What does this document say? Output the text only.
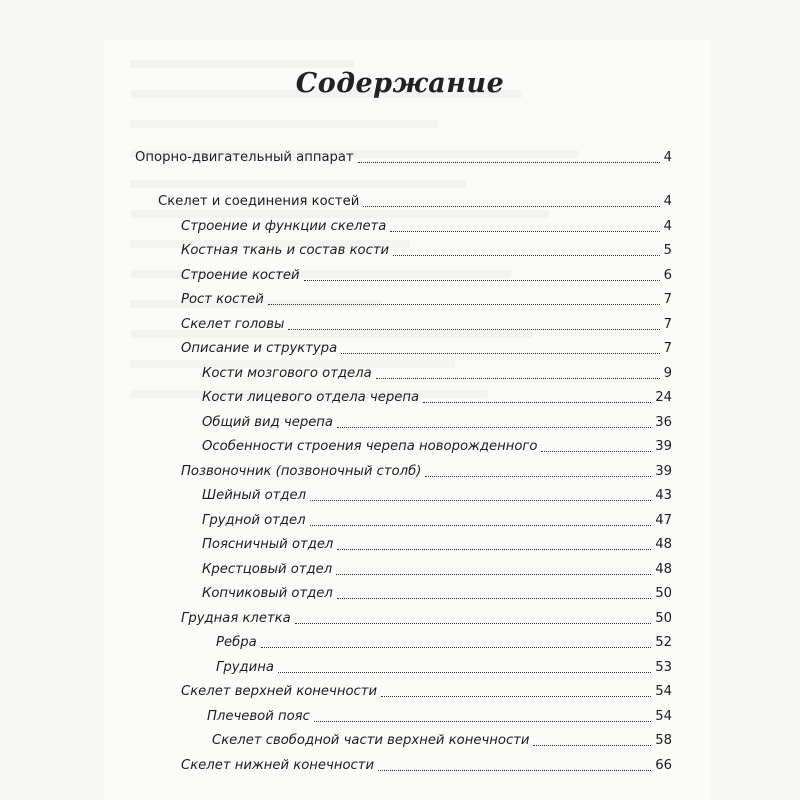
Содержание
Опорно-двигательный аппарат	4
Скелет и соединения костей	4
Строение и функции скелета	4
Костная ткань и состав кости	5
Строение костей	6
Рост костей	7
Скелет головы	7
Описание и структура	7
Кости мозгового отдела	9
Кости лицевого отдела черепа	24
Общий вид черепа	36
Особенности строения черепа новорожденного	39
Позвоночник (позвоночный столб)	39
Шейный отдел	43
Грудной отдел	47
Поясничный отдел	48
Крестцовый отдел	48
Копчиковый отдел	50
Грудная клетка	50
Ребра	52
Грудина	53
Скелет верхней конечности	54
Плечевой пояс	54
Скелет свободной части верхней конечности	58
Скелет нижней конечности	66
